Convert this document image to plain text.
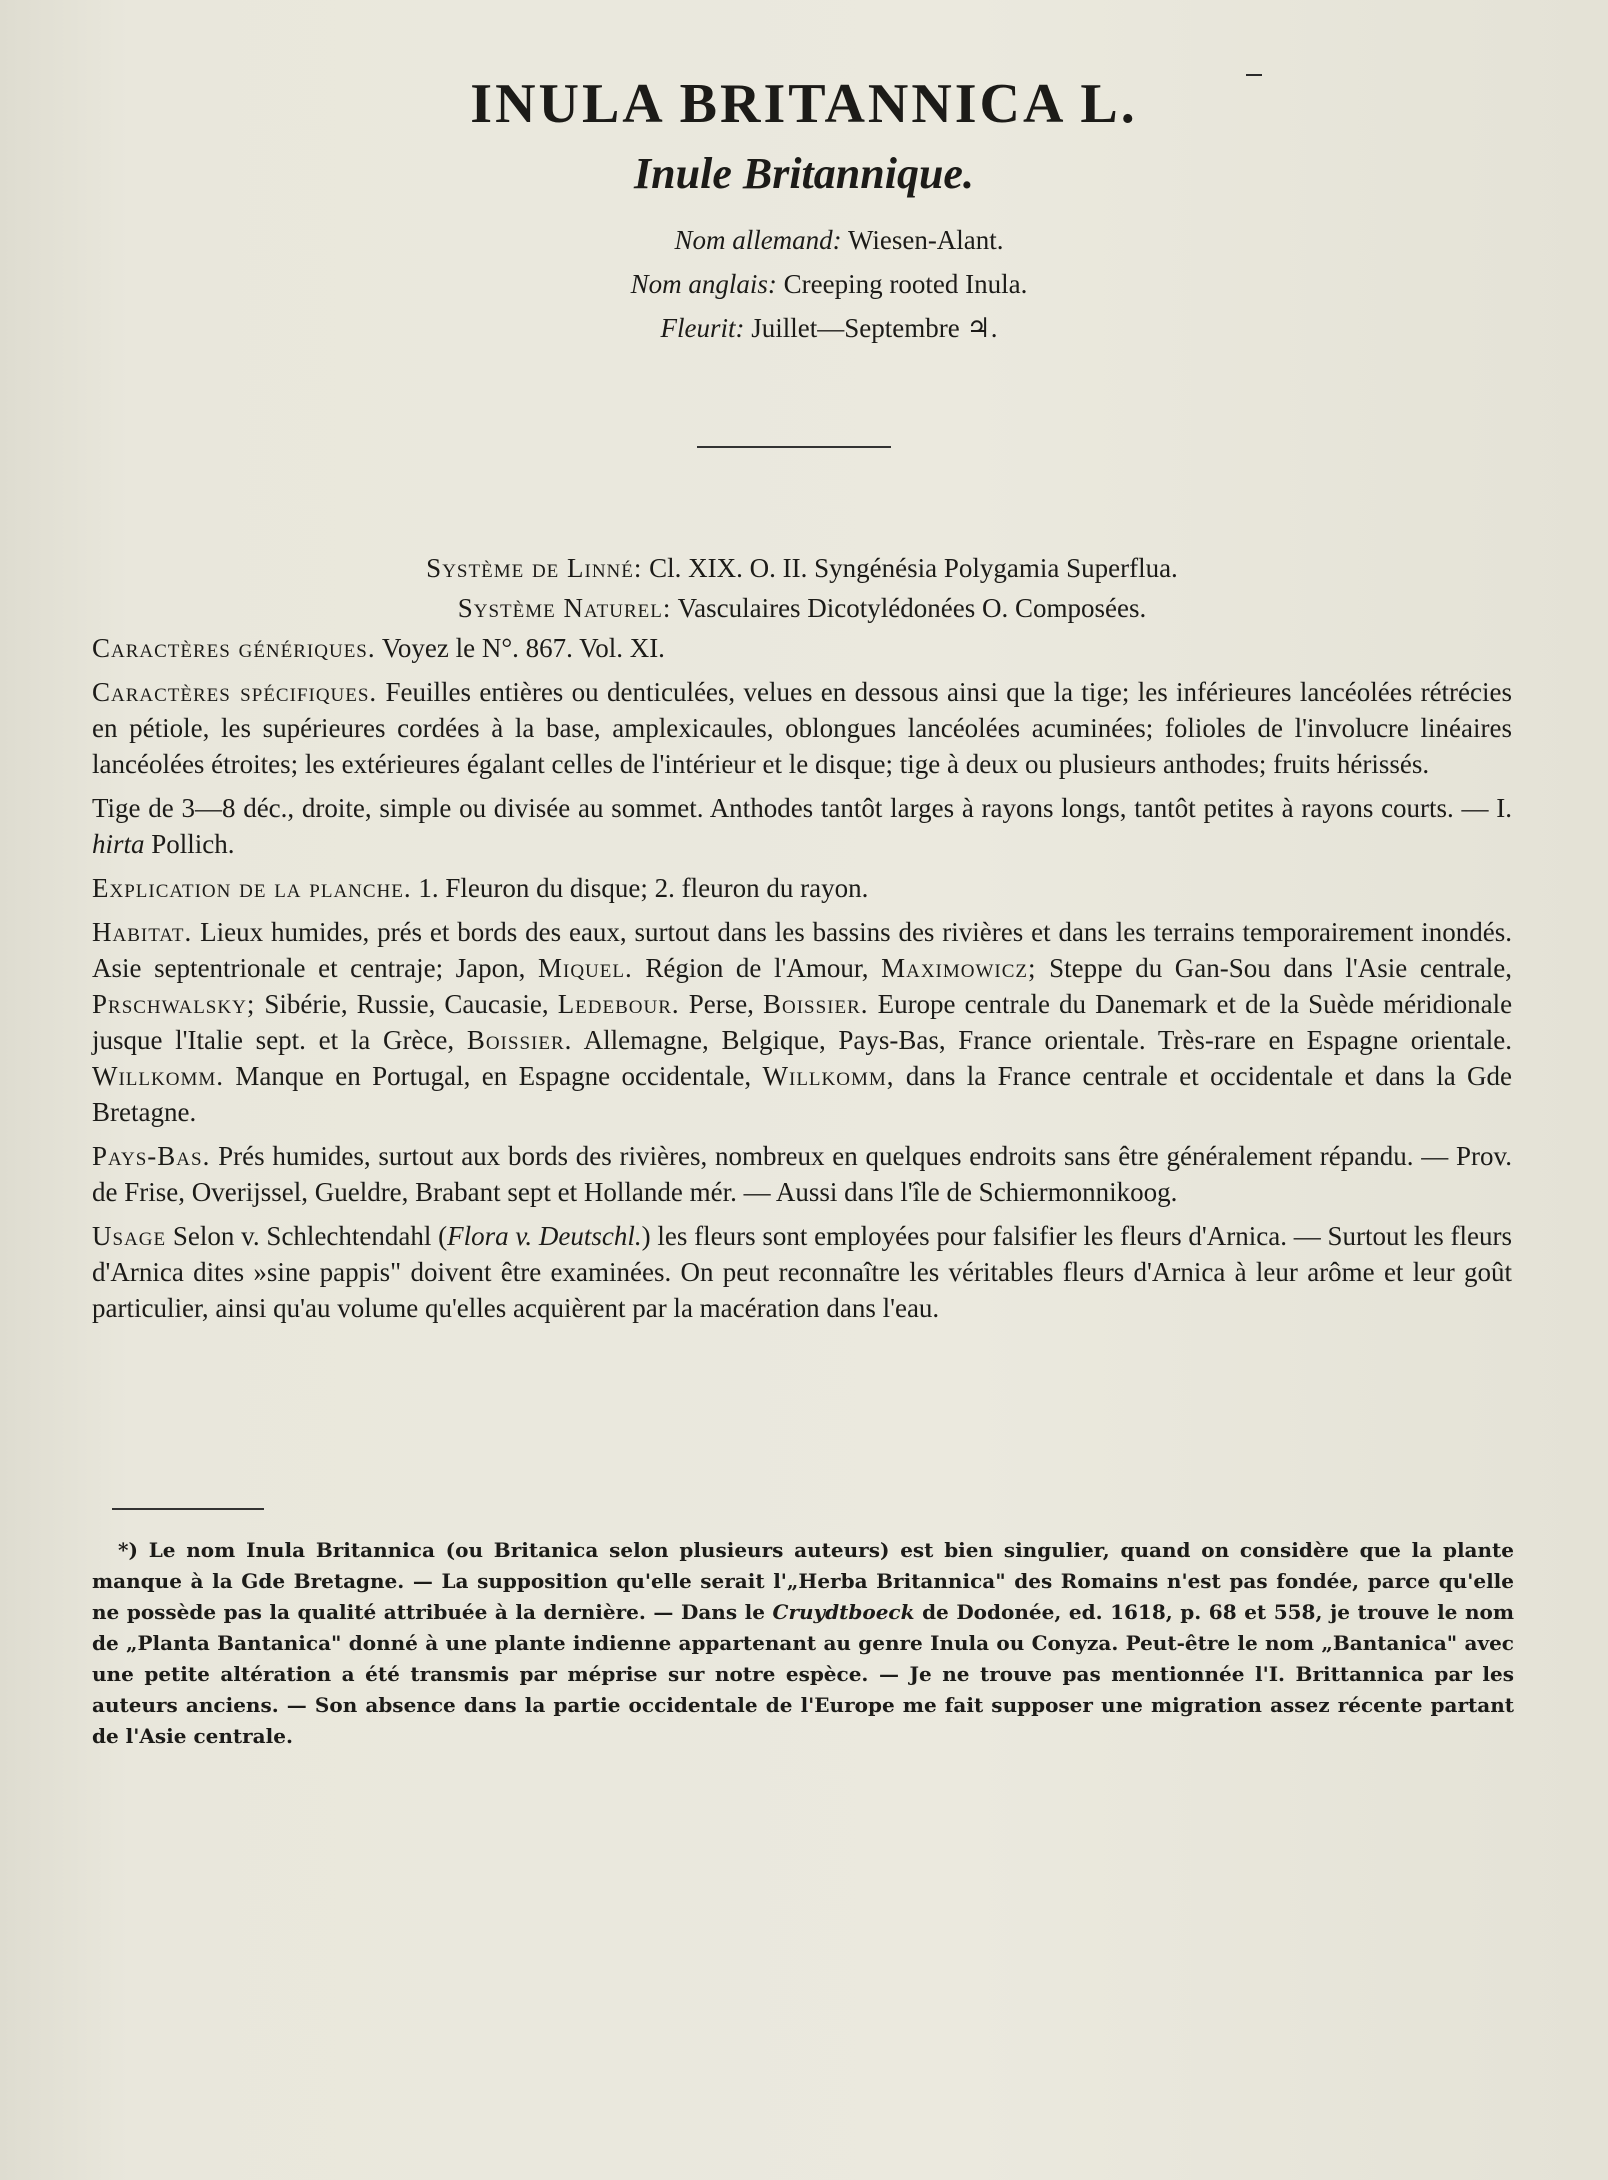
INULA BRITANNICA L.
Inule Britannique.
Nom allemand: Wiesen-Alant.
Nom anglais: Creeping rooted Inula.
Fleurit: Juillet—Septembre ♃.

Système de Linné: Cl. XIX. O. II. Syngénésia Polygamia Superflua.

Système Naturel: Vasculaires Dicotylédonées O. Composées.

Caractères génériques. Voyez le N°. 867. Vol. XI.

Caractères spécifiques. Feuilles entières ou denticulées, velues en dessous ainsi que la tige; les inférieures lancéolées rétrécies en pétiole, les supérieures cordées à la base, amplexicaules, oblongues lancéolées acuminées; folioles de l'involucre linéaires lancéolées étroites; les extérieures égalant celles de l'intérieur et le disque; tige à deux ou plusieurs anthodes; fruits hérissés.

Tige de 3—8 déc., droite, simple ou divisée au sommet. Anthodes tantôt larges à rayons longs, tantôt petites à rayons courts. — I. hirta Pollich.

Explication de la planche. 1. Fleuron du disque; 2. fleuron du rayon.

Habitat. Lieux humides, prés et bords des eaux, surtout dans les bassins des rivières et dans les terrains temporairement inondés. Asie septentrionale et centraje; Japon, Miquel. Région de l'Amour, Maximowicz; Steppe du Gan-Sou dans l'Asie centrale, Prschwalsky; Sibérie, Russie, Caucasie, Ledebour. Perse, Boissier. Europe centrale du Danemark et de la Suède méridionale jusque l'Italie sept. et la Grèce, Boissier. Allemagne, Belgique, Pays-Bas, France orientale. Très-rare en Espagne orientale. Willkomm. Manque en Portugal, en Espagne occidentale, Willkomm, dans la France centrale et occidentale et dans la Gde Bretagne.

Pays-Bas. Prés humides, surtout aux bords des rivières, nombreux en quelques endroits sans être généralement répandu. — Prov. de Frise, Overijssel, Gueldre, Brabant sept et Hollande mér. — Aussi dans l'île de Schiermonnikoog.

Usage Selon v. Schlechtendahl (Flora v. Deutschl.) les fleurs sont employées pour falsifier les fleurs d'Arnica. — Surtout les fleurs d'Arnica dites »sine pappis" doivent être examinées. On peut reconnaître les véritables fleurs d'Arnica à leur arôme et leur goût particulier, ainsi qu'au volume qu'elles acquièrent par la macération dans l'eau.

*) Le nom Inula Britannica (ou Britanica selon plusieurs auteurs) est bien singulier, quand on considère que la plante manque à la Gde Bretagne. — La supposition qu'elle serait l'„Herba Britannica" des Romains n'est pas fondée, parce qu'elle ne possède pas la qualité attribuée à la dernière. — Dans le Cruydtboeck de Dodonée, ed. 1618, p. 68 et 558, je trouve le nom de „Planta Bantanica" donné à une plante indienne appartenant au genre Inula ou Conyza. Peut-être le nom „Bantanica" avec une petite altération a été transmis par méprise sur notre espèce. — Je ne trouve pas mentionnée l'I. Brittannica par les auteurs anciens. — Son absence dans la partie occidentale de l'Europe me fait supposer une migration assez récente partant de l'Asie centrale.
